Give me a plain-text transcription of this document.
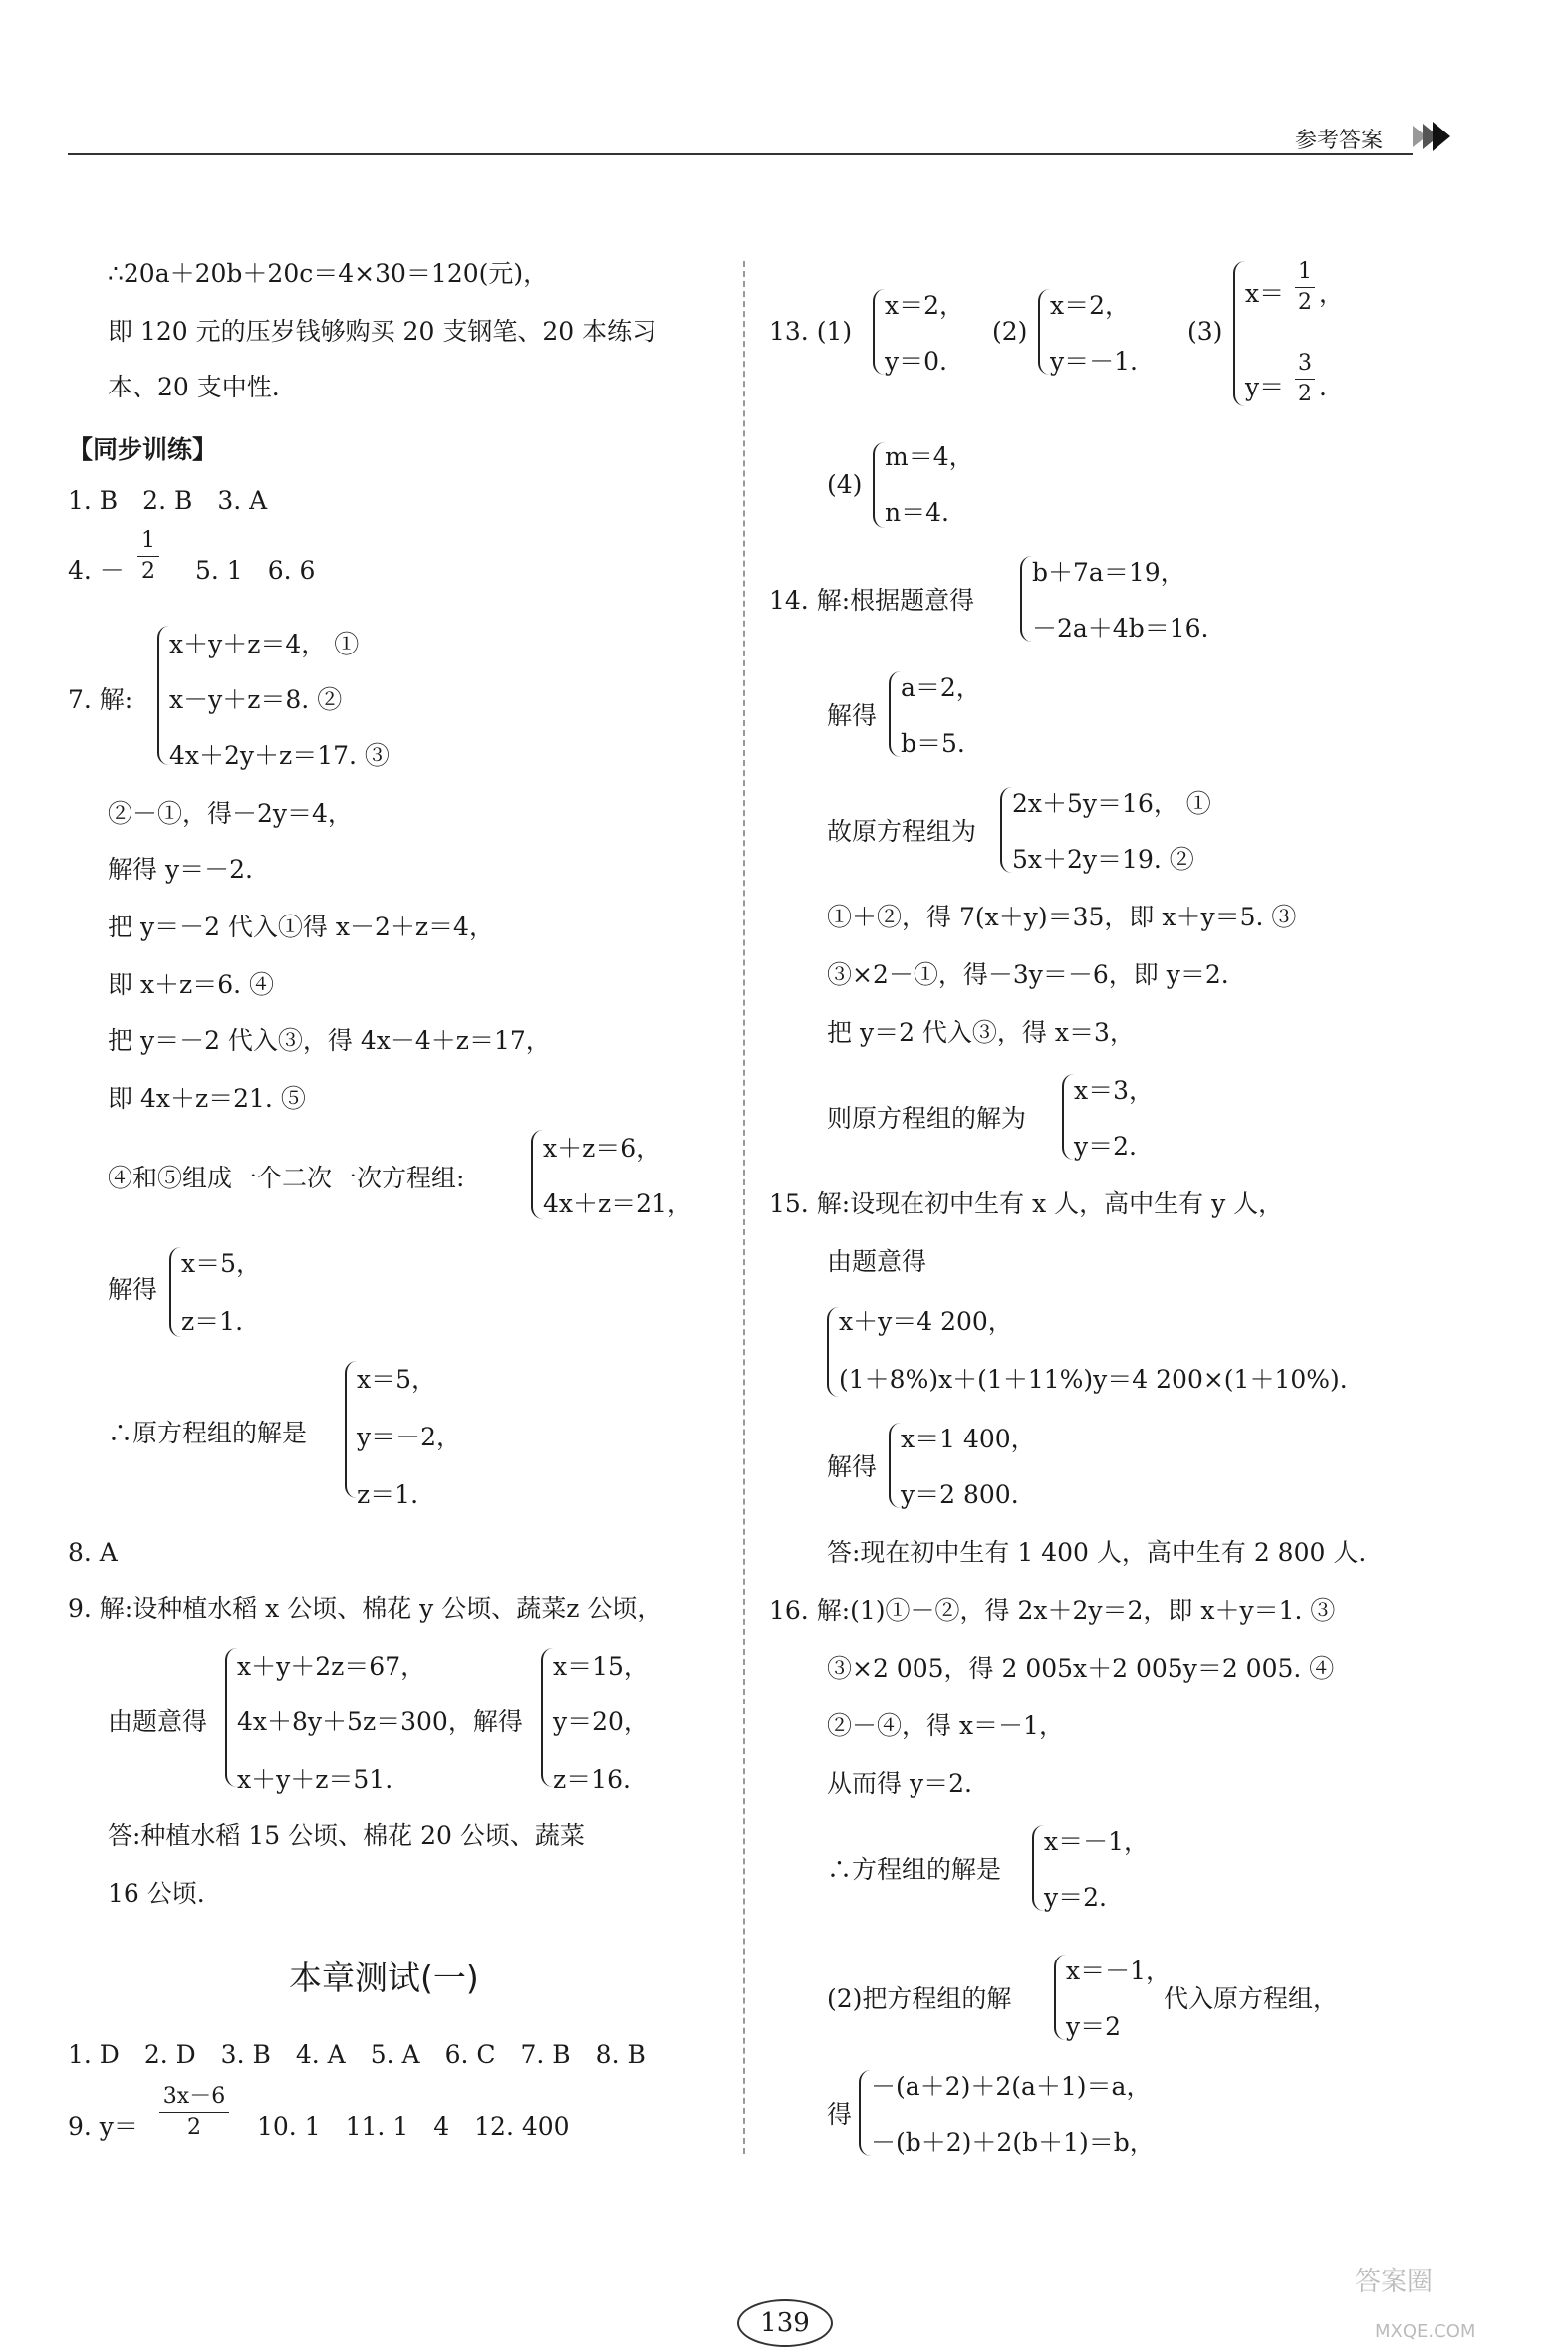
参考答案
∴20a＋20b＋20c＝4×30＝120(元)，
即 120 元的压岁钱够购买 20 支钢笔、20 本练习
本、20 支中性.
【同步训练】
1. B　2. B　3. A
4. －
1
2 5. 1　6. 6
7. 解:
x＋y＋z＝4， ①
x－y＋z＝8. ②
4x＋2y＋z＝17. ③
②－①，得－2y＝4，
解得 y＝－2.
把 y＝－2 代入①得 x－2＋z＝4，
即 x＋z＝6. ④
把 y＝－2 代入③，得 4x－4＋z＝17，
即 4x＋z＝21. ⑤
④和⑤组成一个二次一次方程组:
x＋z＝6，
4x＋z＝21，
解得
x＝5，
z＝1.
∴原方程组的解是
x＝5，
y＝－2，
z＝1.
8. A
9. 解:设种植水稻 x 公顷、棉花 y 公顷、蔬菜z 公顷，
由题意得
x＋y＋2z＝67，
4x＋8y＋5z＝300，解得
x＋y＋z＝51.
x＝15，
y＝20，
z＝16.
答:种植水稻 15 公顷、棉花 20 公顷、蔬菜
16 公顷.
本章测试(一)
1. D　2. D　3. B　4. A　5. A　6. C　7. B　8. B
9. y＝
3x－6
2	10. 1　11. 1　4　12. 400
13. (1)
x＝2，
y＝0.
(2)
x＝2，
y＝－1.
(3)
x＝
1
2 ，
y＝
3
2 .
(4)
m＝4，
n＝4.
14. 解:根据题意得
b＋7a＝19，
－2a＋4b＝16.
解得
a＝2，
b＝5.
故原方程组为
2x＋5y＝16， ①
5x＋2y＝19. ②
①＋②，得 7(x＋y)＝35，即 x＋y＝5. ③
③×2－①，得－3y＝－6，即 y＝2.
把 y＝2 代入③，得 x＝3，
则原方程组的解为
x＝3，
y＝2.
15. 解:设现在初中生有 x 人，高中生有 y 人，
由题意得
x＋y＝4 200，
(1＋8%)x＋(1＋11%)y＝4 200×(1＋10%).
解得
x＝1 400，
y＝2 800.
答:现在初中生有 1 400 人，高中生有 2 800 人.
16. 解:(1)①－②，得 2x＋2y＝2，即 x＋y＝1. ③
③×2 005，得 2 005x＋2 005y＝2 005. ④
②－④，得 x＝－1，
从而得 y＝2.
∴方程组的解是
x＝－1，
y＝2.
(2)把方程组的解
x＝－1，
y＝2
代入原方程组，
得
－(a＋2)＋2(a＋1)＝a，
－(b＋2)＋2(b＋1)＝b，
139
答案圈
MXQE.COM
